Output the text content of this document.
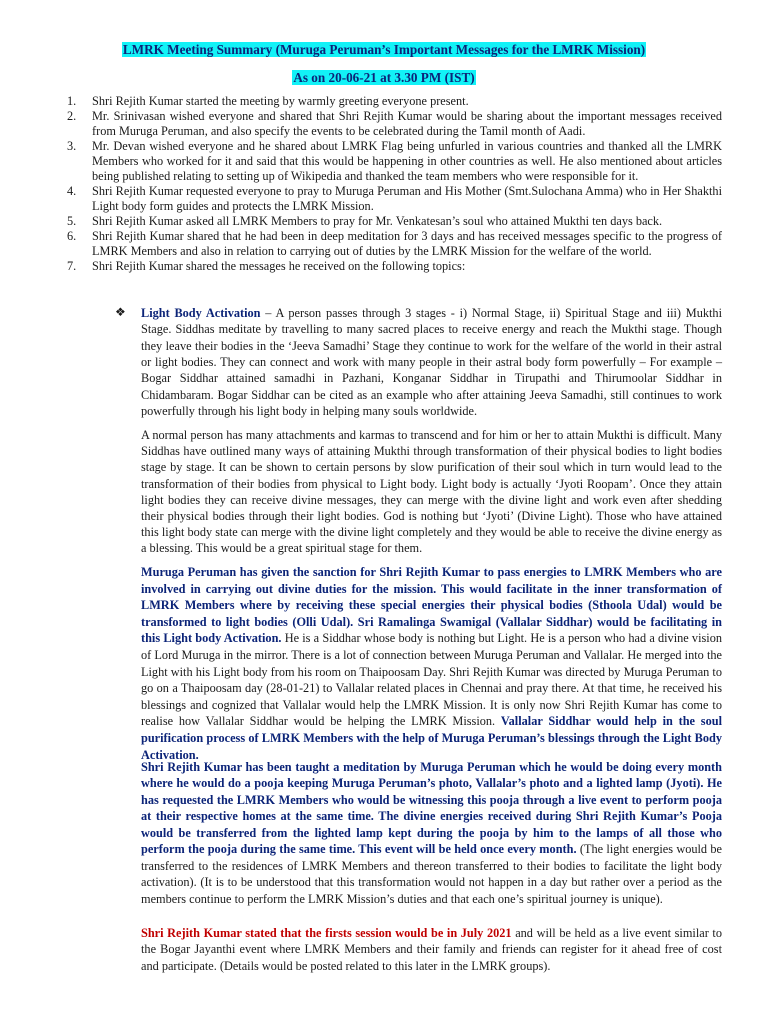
LMRK Meeting Summary (Muruga Peruman’s Important Messages for the LMRK Mission)
As on 20-06-21 at 3.30 PM (IST)
1. Shri Rejith Kumar started the meeting by warmly greeting everyone present.
2. Mr. Srinivasan wished everyone and shared that Shri Rejith Kumar would be sharing about the important messages received from Muruga Peruman, and also specify the events to be celebrated during the Tamil month of Aadi.
3. Mr. Devan wished everyone and he shared about LMRK Flag being unfurled in various countries and thanked all the LMRK Members who worked for it and said that this would be happening in other countries as well. He also mentioned about articles being published relating to setting up of Wikipedia and thanked the team members who were responsible for it.
4. Shri Rejith Kumar requested everyone to pray to Muruga Peruman and His Mother (Smt.Sulochana Amma) who in Her Shakthi Light body form guides and protects the LMRK Mission.
5. Shri Rejith Kumar asked all LMRK Members to pray for Mr. Venkatesan’s soul who attained Mukthi ten days back.
6. Shri Rejith Kumar shared that he had been in deep meditation for 3 days and has received messages specific to the progress of LMRK Members and also in relation to carrying out of duties by the LMRK Mission for the welfare of the world.
7. Shri Rejith Kumar shared the messages he received on the following topics:
❖ Light Body Activation – A person passes through 3 stages - i) Normal Stage, ii) Spiritual Stage and iii) Mukthi Stage. Siddhas meditate by travelling to many sacred places to receive energy and reach the Mukthi stage. Though they leave their bodies in the ‘Jeeva Samadhi’ Stage they continue to work for the welfare of the world in their astral or light bodies. They can connect and work with many people in their astral body form powerfully – For example – Bogar Siddhar attained samadhi in Pazhani, Konganar Siddhar in Tirupathi and Thirumoolar Siddhar in Chidambaram. Bogar Siddhar can be cited as an example who after attaining Jeeva Samadhi, still continues to work powerfully through his light body in helping many souls worldwide.

A normal person has many attachments and karmas to transcend and for him or her to attain Mukthi is difficult. Many Siddhas have outlined many ways of attaining Mukthi through transformation of their physical bodies to light bodies stage by stage. It can be shown to certain persons by slow purification of their soul which in turn would lead to the transformation of their bodies from physical to Light body. Light body is actually ‘Jyoti Roopam’. Once they attain light bodies they can receive divine messages, they can merge with the divine light and work even after shedding their physical bodies through their light bodies. God is nothing but ‘Jyoti’ (Divine Light). Those who have attained this light body state can merge with the divine light completely and they would be able to receive the divine energy as a blessing. This would be a great spiritual stage for them.

Muruga Peruman has given the sanction for Shri Rejith Kumar to pass energies to LMRK Members who are involved in carrying out divine duties for the mission. This would facilitate in the inner transformation of LMRK Members where by receiving these special energies their physical bodies (Sthoola Udal) would be transformed to light bodies (Olli Udal). Sri Ramalinga Swamigal (Vallalar Siddhar) would be facilitating in this Light body Activation. He is a Siddhar whose body is nothing but Light. He is a person who had a divine vision of Lord Muruga in the mirror. There is a lot of connection between Muruga Peruman and Vallalar. He merged into the Light with his Light body from his room on Thaipoosam Day. Shri Rejith Kumar was directed by Muruga Peruman to go on a Thaipoosam day (28-01-21) to Vallalar related places in Chennai and pray there. At that time, he received his blessings and cognized that Vallalar would help the LMRK Mission. It is only now Shri Rejith Kumar has come to realise how Vallalar Siddhar would be helping the LMRK Mission. Vallalar Siddhar would help in the soul purification process of LMRK Members with the help of Muruga Peruman’s blessings through the Light Body Activation.

Shri Rejith Kumar has been taught a meditation by Muruga Peruman which he would be doing every month where he would do a pooja keeping Muruga Peruman’s photo, Vallalar’s photo and a lighted lamp (Jyoti). He has requested the LMRK Members who would be witnessing this pooja through a live event to perform pooja at their respective homes at the same time. The divine energies received during Shri Rejith Kumar’s Pooja would be transferred from the lighted lamp kept during the pooja by him to the lamps of all those who perform the pooja during the same time. This event will be held once every month. (The light energies would be transferred to the residences of LMRK Members and thereon transferred to their bodies to facilitate the light body activation). (It is to be understood that this transformation would not happen in a day but rather over a period as the members continue to perform the LMRK Mission’s duties and that each one’s spiritual journey is unique).

Shri Rejith Kumar stated that the firsts session would be in July 2021 and will be held as a live event similar to the Bogar Jayanthi event where LMRK Members and their family and friends can register for it ahead free of cost and participate. (Details would be posted related to this later in the LMRK groups).
